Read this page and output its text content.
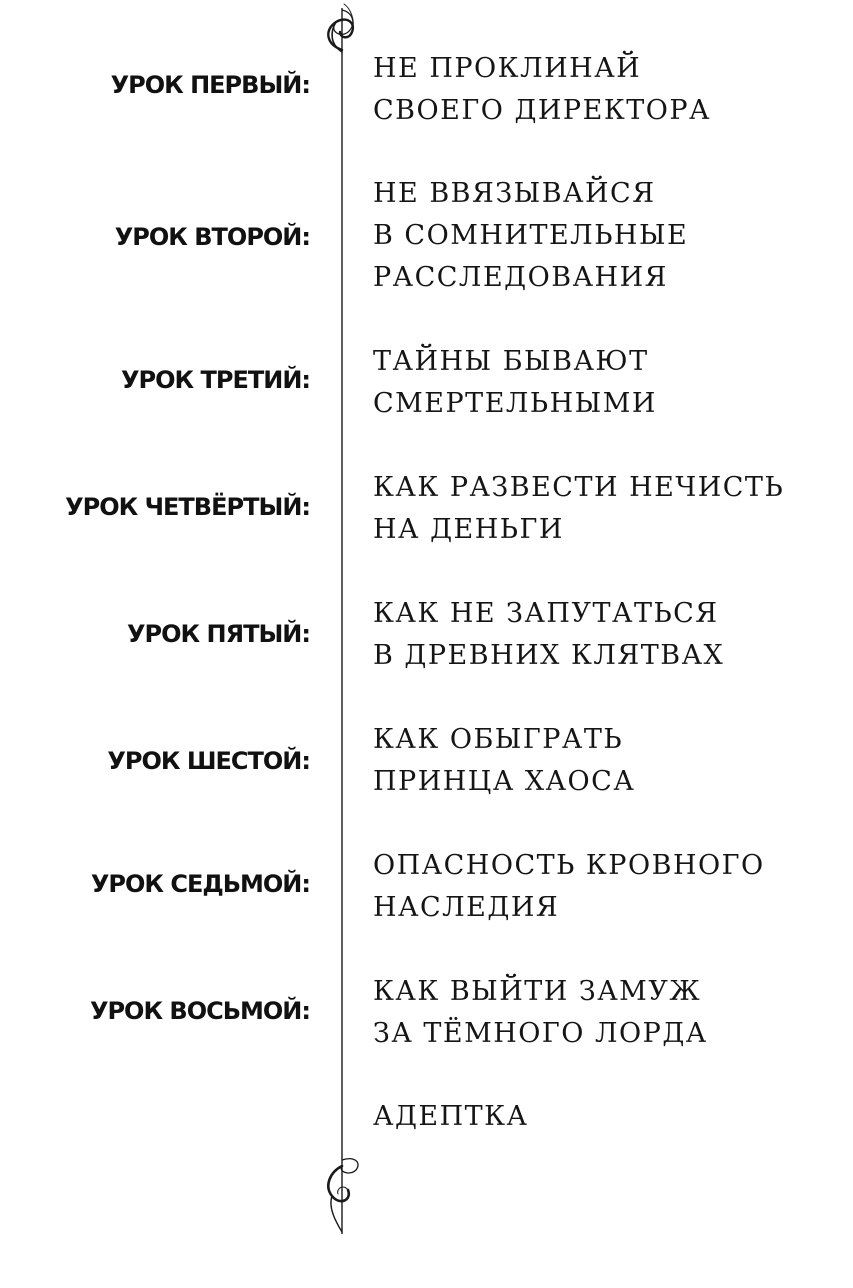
УРОК ПЕРВЫЙ:
НЕ ПРОКЛИНАЙ
СВОЕГО ДИРЕКТОРА
УРОК ВТОРОЙ:
НЕ ВВЯЗЫВАЙСЯ
В СОМНИТЕЛЬНЫЕ
РАССЛЕДОВАНИЯ
УРОК ТРЕТИЙ:
ТАЙНЫ БЫВАЮТ
СМЕРТЕЛЬНЫМИ
УРОК ЧЕТВЁРТЫЙ:
КАК РАЗВЕСТИ НЕЧИСТЬ
НА ДЕНЬГИ
УРОК ПЯТЫЙ:
КАК НЕ ЗАПУТАТЬСЯ
В ДРЕВНИХ КЛЯТВАХ
УРОК ШЕСТОЙ:
КАК ОБЫГРАТЬ
ПРИНЦА ХАОСА
УРОК СЕДЬМОЙ:
ОПАСНОСТЬ КРОВНОГО
НАСЛЕДИЯ
УРОК ВОСЬМОЙ:
КАК ВЫЙТИ ЗАМУЖ
ЗА ТЁМНОГО ЛОРДА
АДЕПТКА
